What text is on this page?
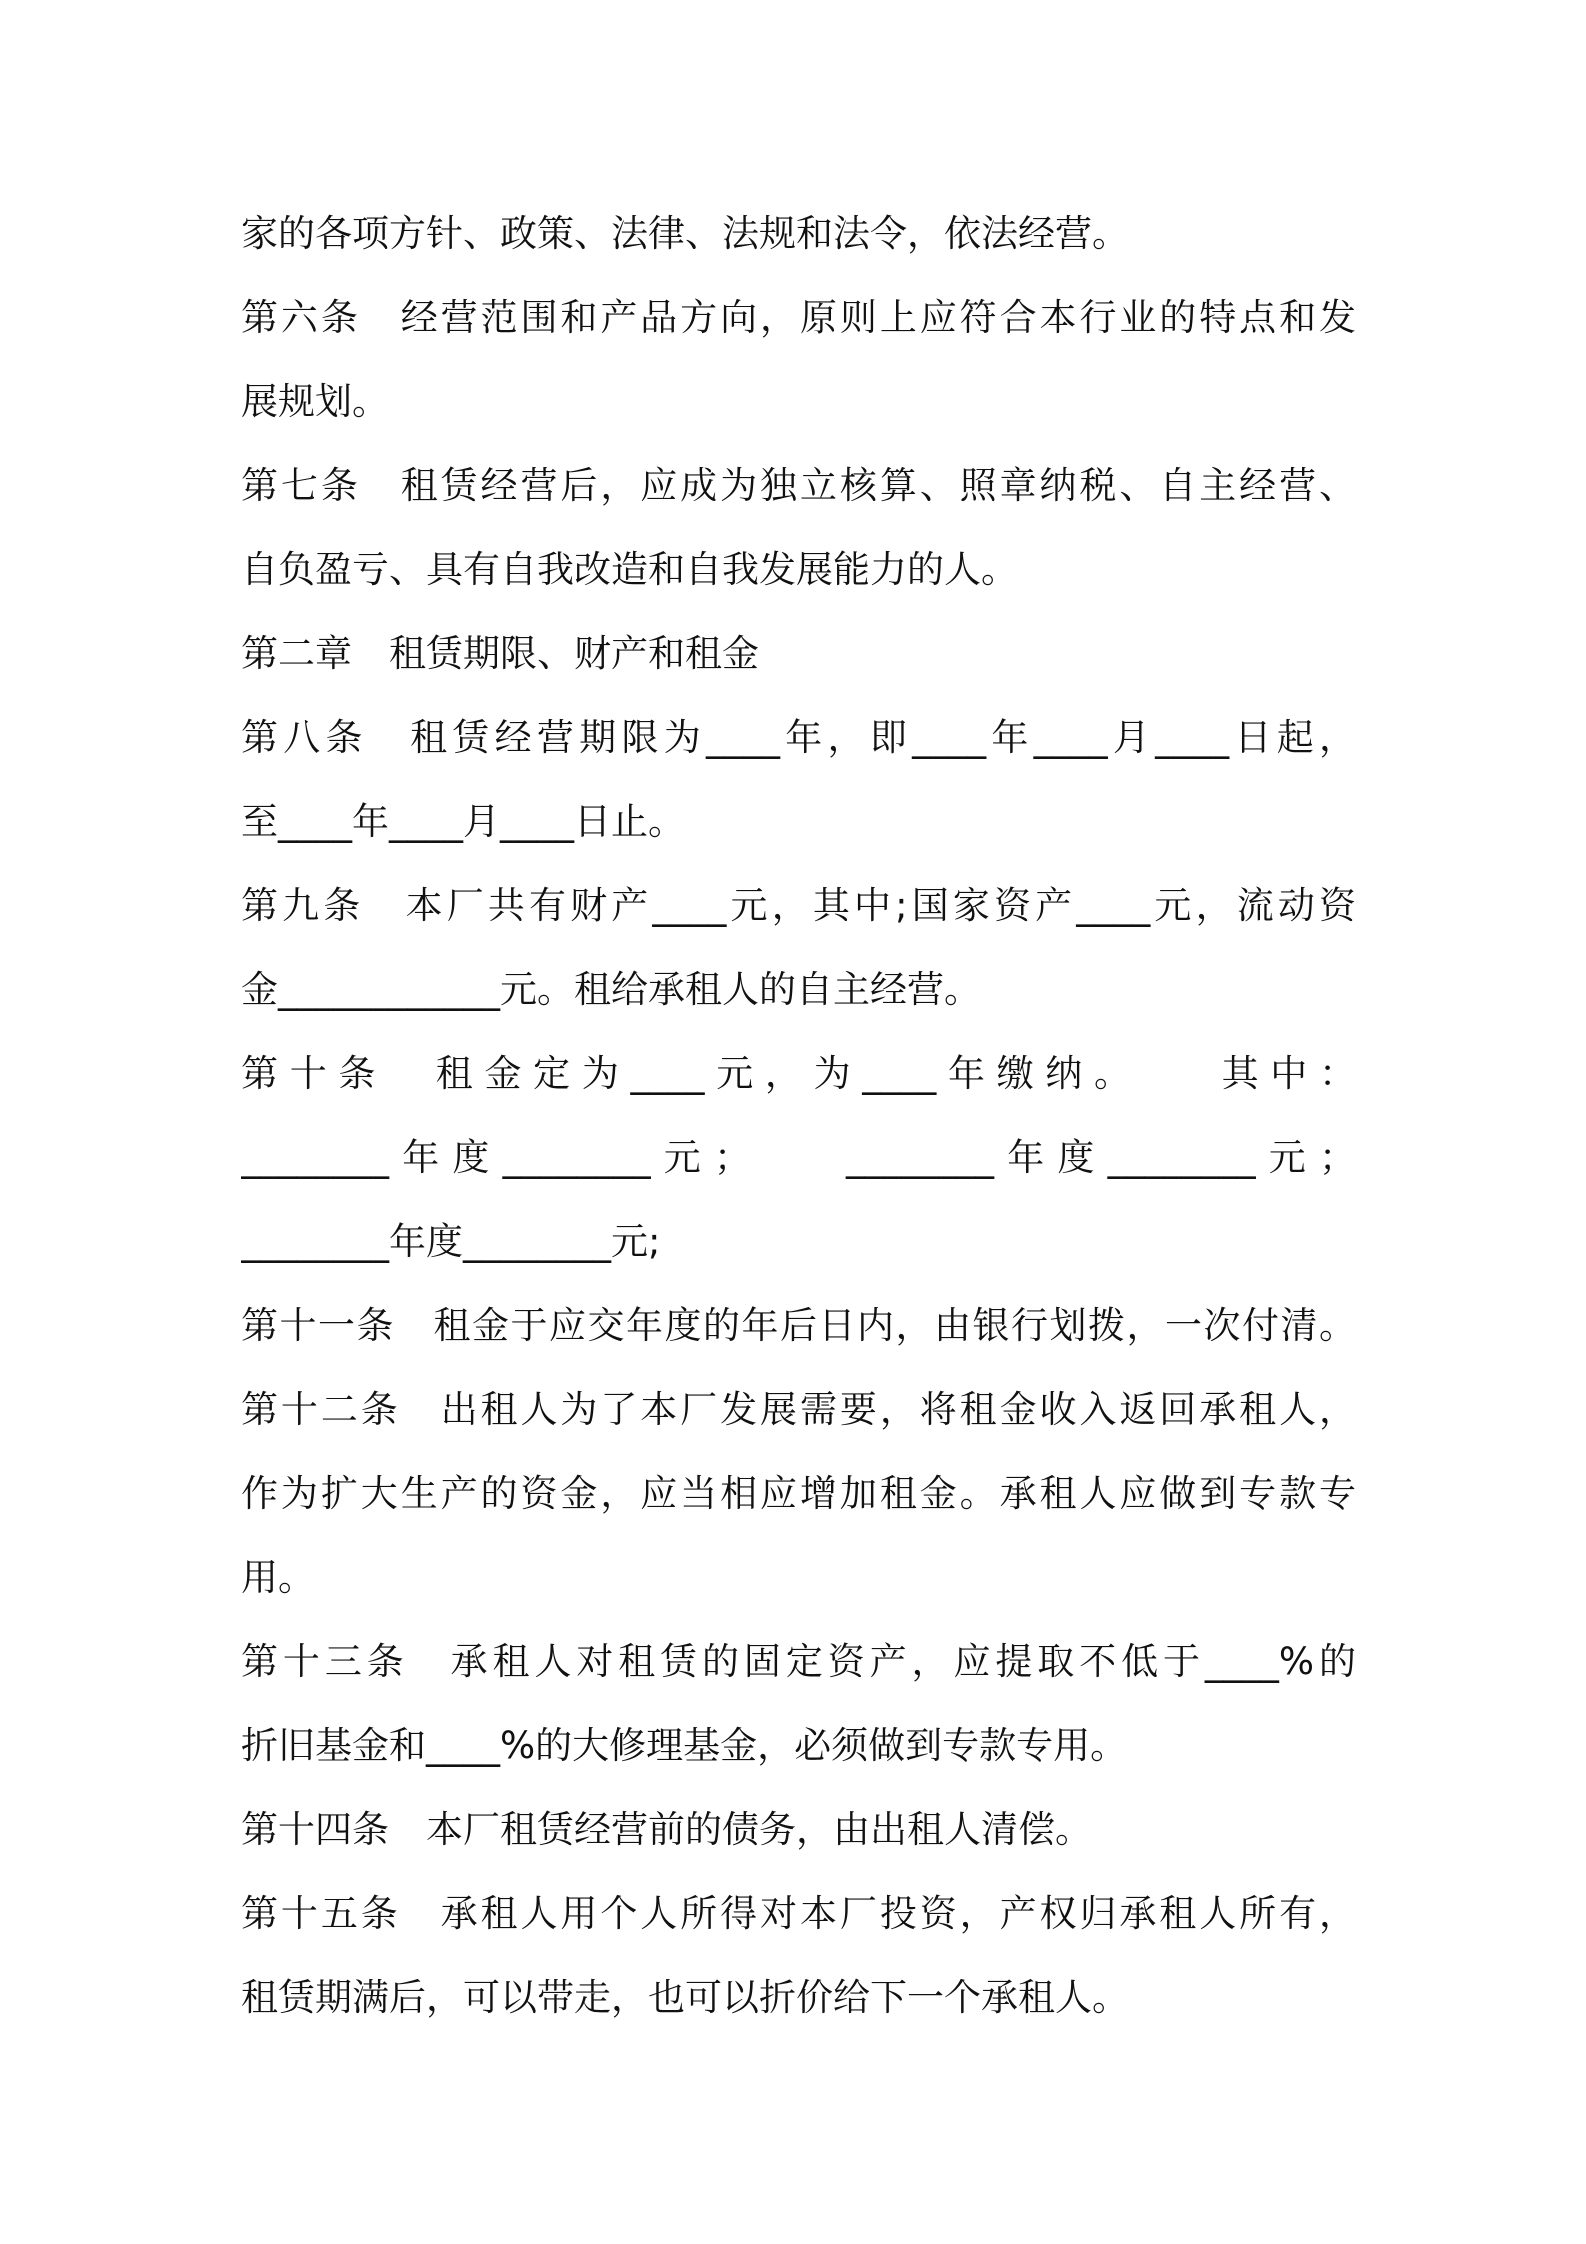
家的各项方针、政策、法律、法规和法令，依法经营。
第六条　经营范围和产品方向，原则上应符合本行业的特点和发
展规划。
第七条　租赁经营后，应成为独立核算、照章纳税、自主经营、
自负盈亏、具有自我改造和自我发展能力的人。
第二章　租赁期限、财产和租金
第八条　租赁经营期限为____年，即____年____月____日起，
至____年____月____日止。
第九条　本厂共有财产____元，其中;国家资产____元，流动资
金____________元。租给承租人的自主经营。
第十条　租金定为____元，为____年缴纳。　　其中：
________年度________元；　　________年度________元；
________年度________元;
第十一条　租金于应交年度的年后日内，由银行划拨，一次付清。
第十二条　出租人为了本厂发展需要，将租金收入返回承租人，
作为扩大生产的资金，应当相应增加租金。承租人应做到专款专
用。
第十三条　承租人对租赁的固定资产，应提取不低于____%的
折旧基金和____%的大修理基金，必须做到专款专用。
第十四条　本厂租赁经营前的债务，由出租人清偿。
第十五条　承租人用个人所得对本厂投资，产权归承租人所有，
租赁期满后，可以带走，也可以折价给下一个承租人。
